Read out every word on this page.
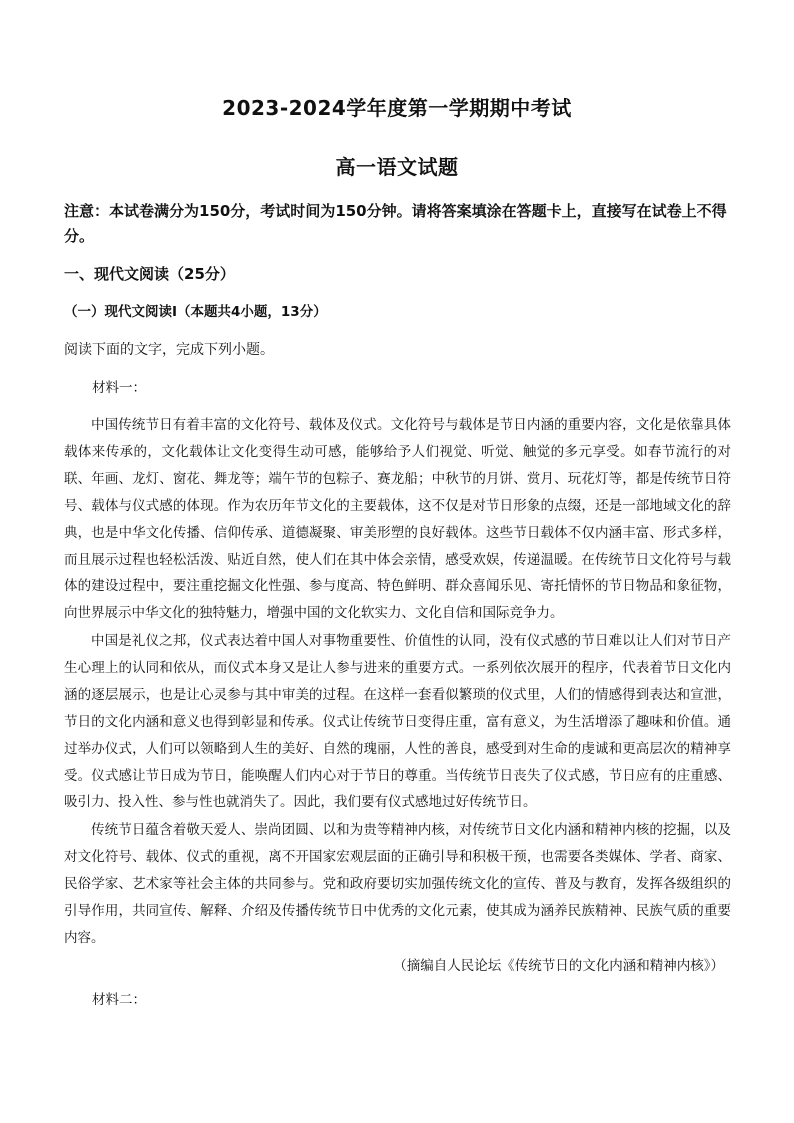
2023-2024学年度第一学期期中考试
高一语文试题
注意：本试卷满分为150分，考试时间为150分钟。请将答案填涂在答题卡上，直接写在试卷上不得分。
一、现代文阅读（25分）
（一）现代文阅读Ⅰ（本题共4小题，13分）
阅读下面的文字，完成下列小题。
材料一：

中国传统节日有着丰富的文化符号、载体及仪式。文化符号与载体是节日内涵的重要内容，文化是依靠具体载体来传承的，文化载体让文化变得生动可感，能够给予人们视觉、听觉、触觉的多元享受。如春节流行的对联、年画、龙灯、窗花、舞龙等；端午节的包粽子、赛龙船；中秋节的月饼、赏月、玩花灯等，都是传统节日符号、载体与仪式感的体现。作为农历年节文化的主要载体，这不仅是对节日形象的点缀，还是一部地域文化的辞典，也是中华文化传播、信仰传承、道德凝聚、审美形塑的良好载体。这些节日载体不仅内涵丰富、形式多样，而且展示过程也轻松活泼、贴近自然，使人们在其中体会亲情，感受欢娱，传递温暖。在传统节日文化符号与载体的建设过程中，要注重挖掘文化性强、参与度高、特色鲜明、群众喜闻乐见、寄托情怀的节日物品和象征物，向世界展示中华文化的独特魅力，增强中国的文化软实力、文化自信和国际竞争力。

中国是礼仪之邦，仪式表达着中国人对事物重要性、价值性的认同，没有仪式感的节日难以让人们对节日产生心理上的认同和依从，而仪式本身又是让人参与进来的重要方式。一系列依次展开的程序，代表着节日文化内涵的逐层展示，也是让心灵参与其中审美的过程。在这样一套看似繁琐的仪式里，人们的情感得到表达和宣泄，节日的文化内涵和意义也得到彰显和传承。仪式让传统节日变得庄重，富有意义，为生活增添了趣味和价值。通过举办仪式，人们可以领略到人生的美好、自然的瑰丽，人性的善良，感受到对生命的虔诚和更高层次的精神享受。仪式感让节日成为节日，能唤醒人们内心对于节日的尊重。当传统节日丧失了仪式感，节日应有的庄重感、吸引力、投入性、参与性也就消失了。因此，我们要有仪式感地过好传统节日。

传统节日蕴含着敬天爱人、崇尚团圆、以和为贵等精神内核，对传统节日文化内涵和精神内核的挖掘，以及对文化符号、载体、仪式的重视，离不开国家宏观层面的正确引导和积极干预，也需要各类媒体、学者、商家、民俗学家、艺术家等社会主体的共同参与。党和政府要切实加强传统文化的宣传、普及与教育，发挥各级组织的引导作用，共同宣传、解释、介绍及传播传统节日中优秀的文化元素，使其成为涵养民族精神、民族气质的重要内容。

（摘编自人民论坛《传统节日的文化内涵和精神内核》）
材料二：
